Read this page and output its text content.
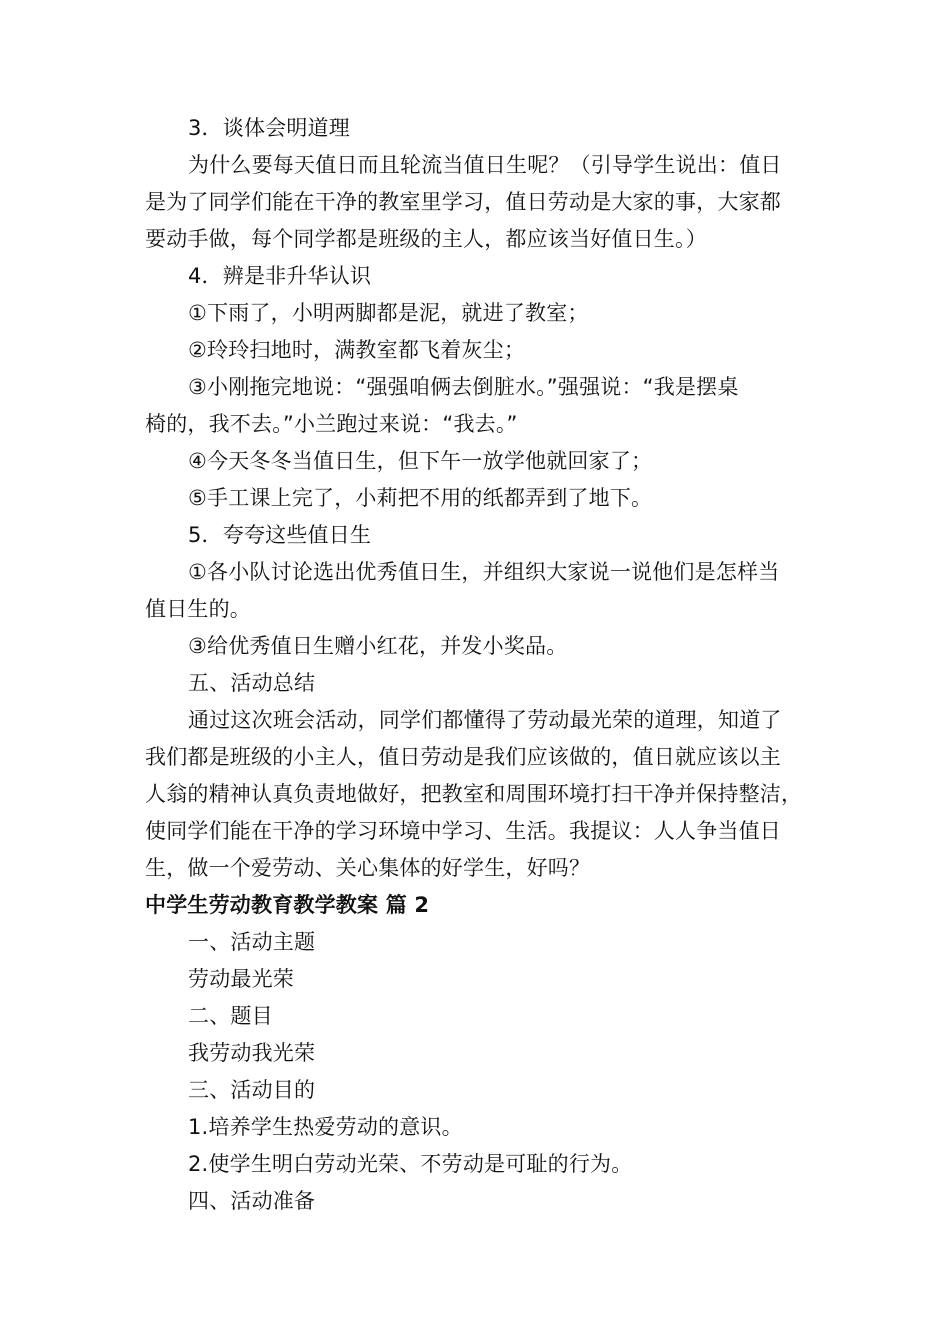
3．谈体会明道理
为什么要每天值日而且轮流当值日生呢？（引导学生说出：值日
是为了同学们能在干净的教室里学习，值日劳动是大家的事，大家都
要动手做，每个同学都是班级的主人，都应该当好值日生。）
4．辨是非升华认识
①下雨了，小明两脚都是泥，就进了教室；
②玲玲扫地时，满教室都飞着灰尘；
③小刚拖完地说：“强强咱俩去倒脏水。”强强说：“我是摆桌
椅的，我不去。”小兰跑过来说：“我去。”
④今天冬冬当值日生，但下午一放学他就回家了；
⑤手工课上完了，小莉把不用的纸都弄到了地下。
5．夸夸这些值日生
①各小队讨论选出优秀值日生，并组织大家说一说他们是怎样当
值日生的。
③给优秀值日生赠小红花，并发小奖品。
五、活动总结
通过这次班会活动，同学们都懂得了劳动最光荣的道理，知道了
我们都是班级的小主人，值日劳动是我们应该做的，值日就应该以主
人翁的精神认真负责地做好，把教室和周围环境打扫干净并保持整洁，
使同学们能在干净的学习环境中学习、生活。我提议：人人争当值日
生，做一个爱劳动、关心集体的好学生，好吗？
中学生劳动教育教学教案 篇 2
一、活动主题
劳动最光荣
二、题目
我劳动我光荣
三、活动目的
1.培养学生热爱劳动的意识。
2.使学生明白劳动光荣、不劳动是可耻的行为。
四、活动准备
